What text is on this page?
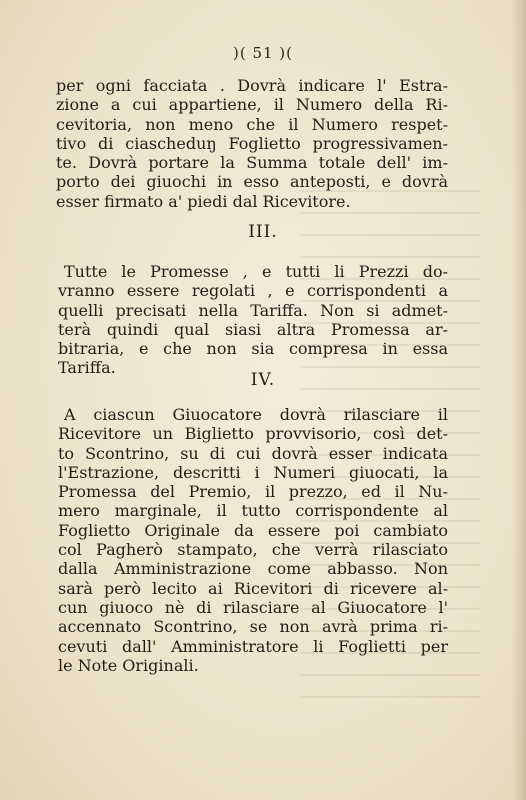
)( 51 )(
per ogni facciata . Dovrà indicare l' Estra-
zione a cui appartiene, il Numero della Ri-
cevitoria, non meno che il Numero respet-
tivo di ciascheduŋ Foglietto progressivamen-
te. Dovrà portare la Summa totale dell' im-
porto dei giuochi in esso anteposti, e dovrà
esser firmato a' piedi dal Ricevitore.
III.
Tutte le Promesse , e tutti li Prezzi do-
vranno essere regolati , e corrispondenti a
quelli precisati nella Tariffa. Non si admet-
terà quindi qual siasi altra Promessa ar-
bitraria, e che non sia compresa in essa
Tariffa.
IV.
A ciascun Giuocatore dovrà rilasciare il
Ricevitore un Biglietto provvisorio, così det-
to Scontrino, su di cui dovrà esser indicata
l'Estrazione, descritti i Numeri giuocati, la
Promessa del Premio, il prezzo, ed il Nu-
mero marginale, il tutto corrispondente al
Foglietto Originale da essere poi cambiato
col Pagherò stampato, che verrà rilasciato
dalla Amministrazione come abbasso. Non
sarà però lecito ai Ricevitori di ricevere al-
cun giuoco nè di rilasciare al Giuocatore l'
accennato Scontrino, se non avrà prima ri-
cevuti dall' Amministratore li Foglietti per
le Note Originali.
